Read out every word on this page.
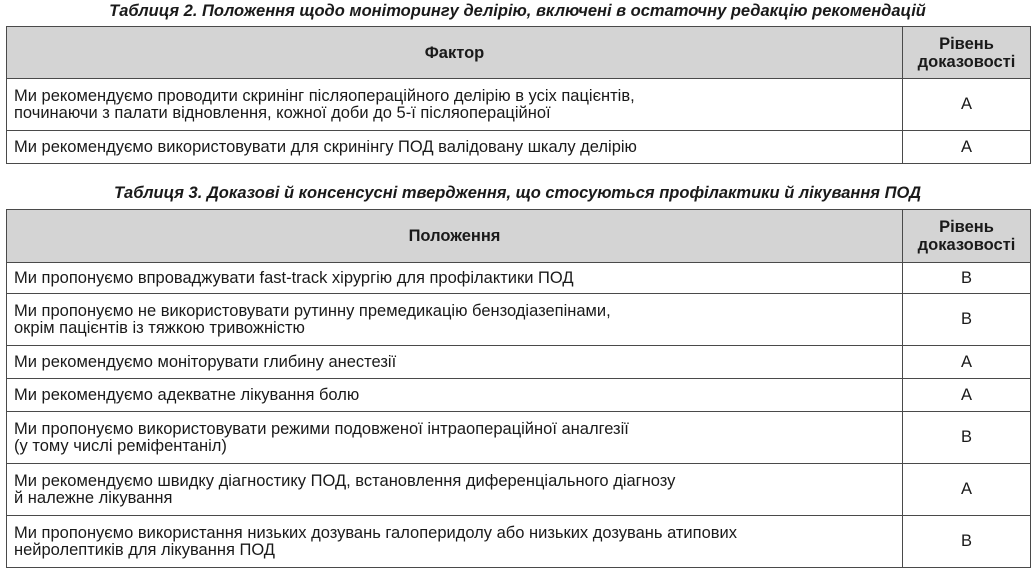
Таблиця 2. Положення щодо моніторингу делірію, включені в остаточну редакцію рекомендацій
Фактор	Рівень
доказовості

Ми рекомендуємо проводити скринінг післяопераційного делірію в усіх пацієнтів,
починаючи з палати відновлення, кожної доби до 5-ї післяопераційної	A

Ми рекомендуємо використовувати для скринінгу ПОД валідовану шкалу делірію	A
Таблиця 3. Доказові й консенсусні твердження, що стосуються профілактики й лікування ПОД
Положення	Рівень
доказовості

Ми пропонуємо впроваджувати fast-track хірургію для профілактики ПОД	B

Ми пропонуємо не використовувати рутинну премедикацію бензодіазепінами,
окрім пацієнтів із тяжкою тривожністю	B

Ми рекомендуємо моніторувати глибину анестезії	A

Ми рекомендуємо адекватне лікування болю	A

Ми пропонуємо використовувати режими подовженої інтраопераційної аналгезії
(у тому числі реміфентаніл)	B

Ми рекомендуємо швидку діагностику ПОД, встановлення диференціального діагнозу
й належне лікування	A

Ми пропонуємо використання низьких дозувань галоперидолу або низьких дозувань атипових
нейролептиків для лікування ПОД	B
